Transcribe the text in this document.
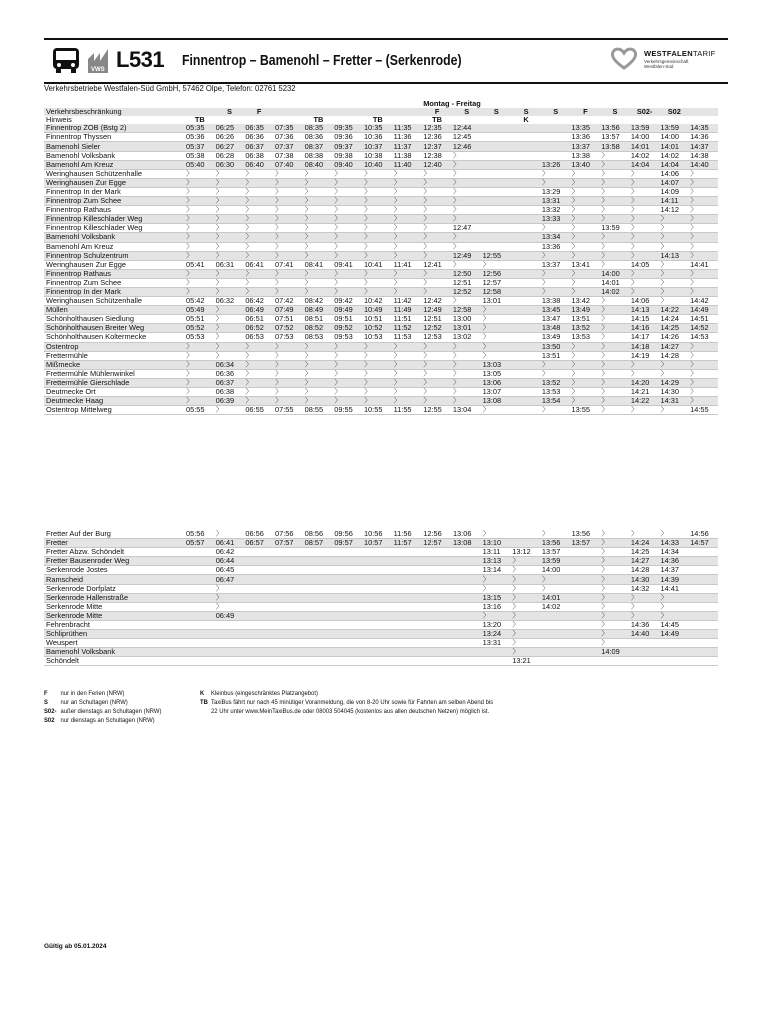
VWS L531 Finnentrop – Bamenohl – Fretter – (Serkenrode)	WESTFALENTARIF
Verkehrsgemeinschaft
Westfalen-Süd
Verkehrsbetriebe Westfalen-Süd GmbH, 57462 Olpe, Telefon: 02761 5232
	Montag - Freitag																	
Verkehrsbeschränkung		S	F						F	S	S	S	S	F	S	S02-	S02	
Hinweis	TB				TB		TB		TB			K						
Finnentrop ZOB (Bstg 2)	05:35	06:25	06:35	07:35	08:35	09:35	10:35	11:35	12:35	12:44				13:35	13:56	13:59	13:59	14:35
Finnentrop Thyssen	05:36	06:26	06:36	07:36	08:36	09:36	10:36	11:36	12:36	12:45				13:36	13:57	14:00	14:00	14:36
Bamenohl Sieler	05:37	06:27	06:37	07:37	08:37	09:37	10:37	11:37	12:37	12:46				13:37	13:58	14:01	14:01	14:37
Bamenohl Volksbank	05:38	06:28	06:38	07:38	08:38	09:38	10:38	11:38	12:38	〉				13:38	〉	14:02	14:02	14:38
Bamenohl Am Kreuz	05:40	06:30	06:40	07:40	08:40	09:40	10:40	11:40	12:40	〉			13:26	13:40	〉	14:04	14:04	14:40
Weringhausen Schützenhalle	〉	〉	〉	〉	〉	〉	〉	〉	〉	〉			〉	〉	〉	〉	14:06	〉
Weringhausen Zur Egge	〉	〉	〉	〉	〉	〉	〉	〉	〉	〉			〉	〉	〉	〉	14:07	〉
Finnentrop In der Mark	〉	〉	〉	〉	〉	〉	〉	〉	〉	〉			13:29	〉	〉	〉	14:09	〉
Finnentrop Zum Schee	〉	〉	〉	〉	〉	〉	〉	〉	〉	〉			13:31	〉	〉	〉	14:11	〉
Finnentrop Rathaus	〉	〉	〉	〉	〉	〉	〉	〉	〉	〉			13:32	〉	〉	〉	14:12	〉
Finnentrop Killeschlader Weg	〉	〉	〉	〉	〉	〉	〉	〉	〉	〉			13:33	〉	〉	〉	〉	〉
Finnentrop Killeschlader Weg	〉	〉	〉	〉	〉	〉	〉	〉	〉	12:47			〉	〉	13:59	〉	〉	〉
Bamenohl Volksbank	〉	〉	〉	〉	〉	〉	〉	〉	〉	〉			13:34	〉	〉	〉	〉	〉
Bamenohl Am Kreuz	〉	〉	〉	〉	〉	〉	〉	〉	〉	〉			13:36	〉	〉	〉	〉	〉
Finnentrop Schulzentrum	〉	〉	〉	〉	〉	〉	〉	〉	〉	12:49	12:55		〉	〉	〉	〉	14:13	〉
Weringhausen Zur Egge	05:41	06:31	06:41	07:41	08:41	09:41	10:41	11:41	12:41	〉	〉		13:37	13:41	〉	14:05	〉	14:41
Finnentrop Rathaus	〉	〉	〉	〉	〉	〉	〉	〉	〉	12:50	12:56		〉	〉	14:00	〉	〉	〉
Finnentrop Zum Schee	〉	〉	〉	〉	〉	〉	〉	〉	〉	12:51	12:57		〉	〉	14:01	〉	〉	〉
Finnentrop In der Mark	〉	〉	〉	〉	〉	〉	〉	〉	〉	12:52	12:58		〉	〉	14:02	〉	〉	〉
Weringhausen Schützenhalle	05:42	06:32	06:42	07:42	08:42	09:42	10:42	11:42	12:42	〉	13:01		13:38	13:42	〉	14:06	〉	14:42
Müllen	05:49	〉	06:49	07:49	08:49	09:49	10:49	11:49	12:49	12:58	〉		13:45	13:49	〉	14:13	14:22	14:49
Schönholthausen Siedlung	05:51	〉	06:51	07:51	08:51	09:51	10:51	11:51	12:51	13:00	〉		13:47	13:51	〉	14:15	14:24	14:51
Schönholthausen Breiter Weg	05:52	〉	06:52	07:52	08:52	09:52	10:52	11:52	12:52	13:01	〉		13:48	13:52	〉	14:16	14:25	14:52
Schönholthausen Koltermecke	05:53	〉	06:53	07:53	08:53	09:53	10:53	11:53	12:53	13:02	〉		13:49	13:53	〉	14:17	14:26	14:53
Ostentrop	〉	〉	〉	〉	〉	〉	〉	〉	〉	〉	〉		13:50	〉	〉	14:18	14:27	〉
Frettermühle	〉	〉	〉	〉	〉	〉	〉	〉	〉	〉	〉		13:51	〉	〉	14:19	14:28	〉
Mißmecke	〉	06:34	〉	〉	〉	〉	〉	〉	〉	〉	13:03		〉	〉	〉	〉	〉	〉
Frettermühle Mühlenwinkel	〉	06:36	〉	〉	〉	〉	〉	〉	〉	〉	13:05		〉	〉	〉	〉	〉	〉
Frettermühle Gierschlade	〉	06:37	〉	〉	〉	〉	〉	〉	〉	〉	13:06		13:52	〉	〉	14:20	14:29	〉
Deutmecke Ort	〉	06:38	〉	〉	〉	〉	〉	〉	〉	〉	13:07		13:53	〉	〉	14:21	14:30	〉
Deutmecke Haag	〉	06:39	〉	〉	〉	〉	〉	〉	〉	〉	13:08		13:54	〉	〉	14:22	14:31	〉
Ostentrop Mittelweg	05:55	〉	06:55	07:55	08:55	09:55	10:55	11:55	12:55	13:04	〉		〉	13:55	〉	〉	〉	14:55
Fretter Auf der Burg	05:56	〉	06:56	07:56	08:56	09:56	10:56	11:56	12:56	13:06	〉		〉	13:56	〉	〉	〉	14:56
Fretter	05:57	06:41	06:57	07:57	08:57	09:57	10:57	11:57	12:57	13:08	13:10		13:56	13:57	〉	14:24	14:33	14:57
Fretter Abzw. Schöndelt		06:42									13:11	13:12	13:57		〉	14:25	14:34	
Fretter Bausenroder Weg		06:44									13:13	〉	13:59		〉	14:27	14:36	
Serkenrode Jostes		06:45									13:14	〉	14:00		〉	14:28	14:37	
Ramscheid		06:47									〉	〉	〉		〉	14:30	14:39	
Serkenrode Dorfplatz		〉									〉	〉	〉		〉	14:32	14:41	
Serkenrode Hallenstraße		〉									13:15	〉	14:01		〉	〉	〉	
Serkenrode Mitte		〉									13:16	〉	14:02		〉	〉	〉	
Serkenrode Mitte		06:49									〉	〉			〉	〉	〉	
Fehrenbracht											13:20	〉			〉	14:36	14:45	
Schliprüthen											13:24	〉			〉	14:40	14:49	
Weuspert											13:31	〉			〉			
Bamenohl Volksbank												〉			14:09			
Schöndelt												13:21						
F nur in den Ferien (NRW)
S nur an Schultagen (NRW)
S02- außer dienstags an Schultagen (NRW)
S02 nur dienstags an Schultagen (NRW)
K Kleinbus (eingeschränktes Platzangebot)
TB TaxiBus fährt nur nach 45 minütiger Voranmeldung, die von 8-20 Uhr sowie für Fahrten am selben Abend bis
22 Uhr unter www.MeinTaxiBus.de oder 08003 504045 (kostenlos aus allen deutschen Netzen) möglich ist.
Gültig ab 05.01.2024
